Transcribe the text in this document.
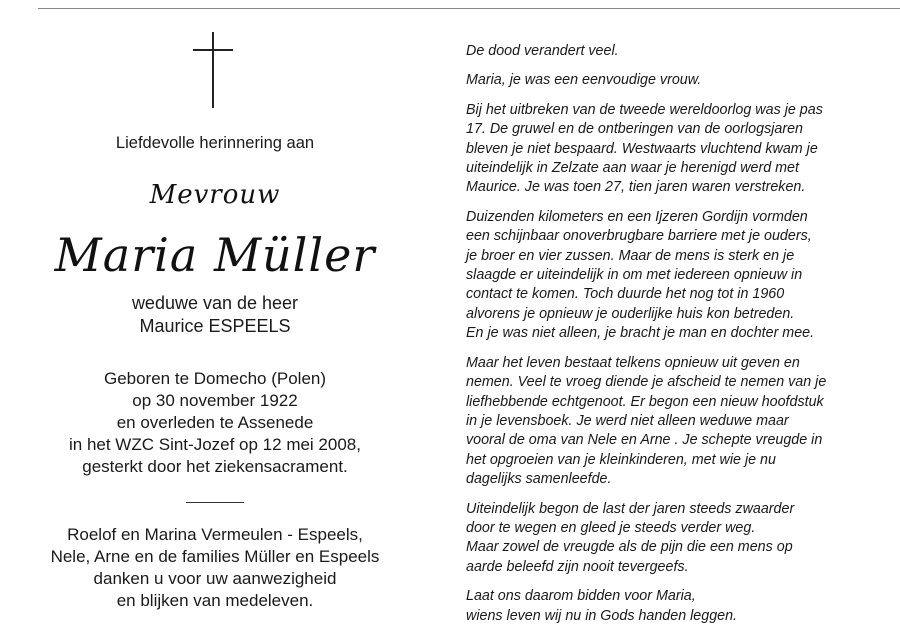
Liefdevolle herinnering aan
Mevrouw
Maria Müller
weduwe van de heer
Maurice ESPEELS
Geboren te Domecho (Polen)
op 30 november 1922
en overleden te Assenede
in het WZC Sint-Jozef op 12 mei 2008,
gesterkt door het ziekensacrament.
Roelof en Marina Vermeulen - Espeels,
Nele, Arne en de families Müller en Espeels
danken u voor uw aanwezigheid
en blijken van medeleven.

De dood verandert veel.

Maria, je was een eenvoudige vrouw.

Bij het uitbreken van de tweede wereldoorlog was je pas
17. De gruwel en de ontberingen van de oorlogsjaren
bleven je niet bespaard. Westwaarts vluchtend kwam je
uiteindelijk in Zelzate aan waar je herenigd werd met
Maurice. Je was toen 27, tien jaren waren verstreken.

Duizenden kilometers en een Ijzeren Gordijn vormden
een schijnbaar onoverbrugbare barriere met je ouders,
je broer en vier zussen. Maar de mens is sterk en je
slaagde er uiteindelijk in om met iedereen opnieuw in
contact te komen. Toch duurde het nog tot in 1960
alvorens je opnieuw je ouderlijke huis kon betreden.
En je was niet alleen, je bracht je man en dochter mee.

Maar het leven bestaat telkens opnieuw uit geven en
nemen. Veel te vroeg diende je afscheid te nemen van je
liefhebbende echtgenoot. Er begon een nieuw hoofdstuk
in je levensboek. Je werd niet alleen weduwe maar
vooral de oma van Nele en Arne . Je schepte vreugde in
het opgroeien van je kleinkinderen, met wie je nu
dagelijks samenleefde.

Uiteindelijk begon de last der jaren steeds zwaarder
door te wegen en gleed je steeds verder weg.
Maar zowel de vreugde als de pijn die een mens op
aarde beleefd zijn nooit tevergeefs.

Laat ons daarom bidden voor Maria,
wiens leven wij nu in Gods handen leggen.
